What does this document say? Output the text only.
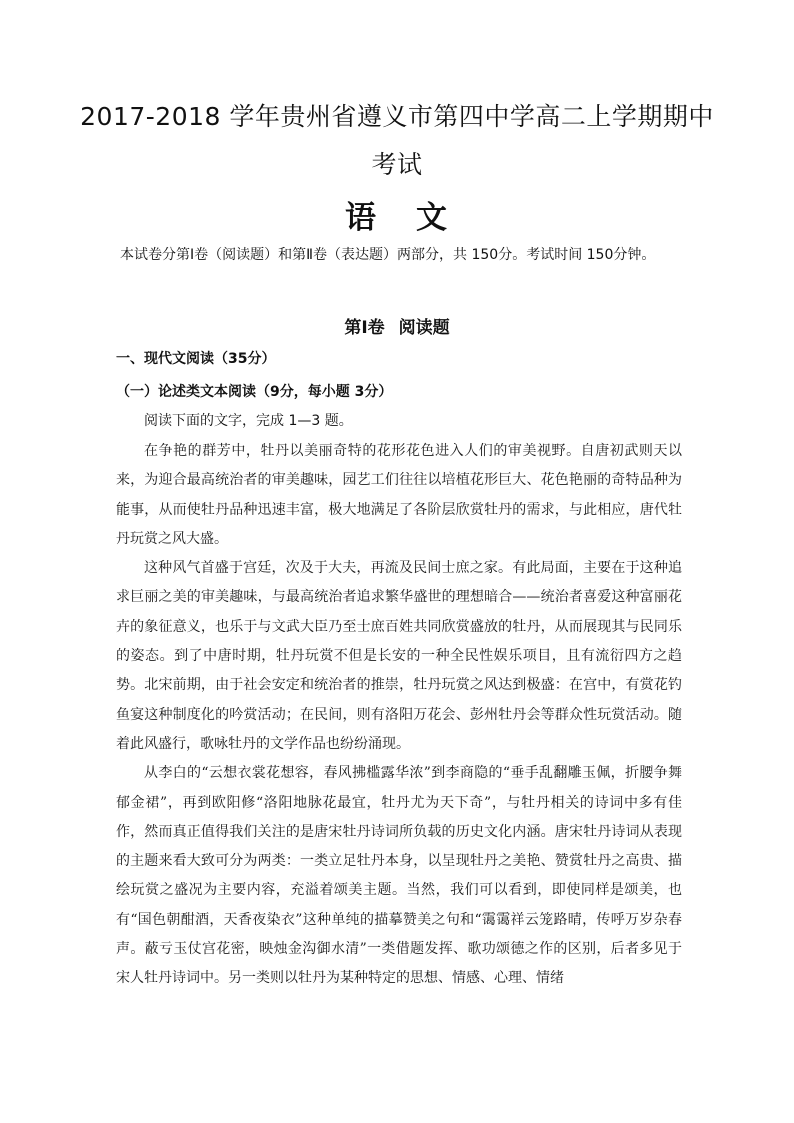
2017-2018 学年贵州省遵义市第四中学高二上学期期中
考试
语 文
本试卷分第Ⅰ卷（阅读题）和第Ⅱ卷（表达题）两部分，共 150分。考试时间 150分钟。
第Ⅰ卷 阅读题
一、现代文阅读（35分）
（一）论述类文本阅读（9分，每小题 3分）
阅读下面的文字，完成 1—3 题。

在争艳的群芳中，牡丹以美丽奇特的花形花色进入人们的审美视野。自唐初武则天以来，为迎合最高统治者的审美趣味，园艺工们往往以培植花形巨大、花色艳丽的奇特品种为能事，从而使牡丹品种迅速丰富，极大地满足了各阶层欣赏牡丹的需求，与此相应，唐代牡丹玩赏之风大盛。

这种风气首盛于宫廷，次及于大夫，再流及民间士庶之家。有此局面，主要在于这种追求巨丽之美的审美趣味，与最高统治者追求繁华盛世的理想暗合——统治者喜爱这种富丽花卉的象征意义，也乐于与文武大臣乃至士庶百姓共同欣赏盛放的牡丹，从而展现其与民同乐的姿态。到了中唐时期，牡丹玩赏不但是长安的一种全民性娱乐项目，且有流衍四方之趋势。北宋前期，由于社会安定和统治者的推崇，牡丹玩赏之风达到极盛：在宫中，有赏花钓鱼宴这种制度化的吟赏活动；在民间，则有洛阳万花会、彭州牡丹会等群众性玩赏活动。随着此风盛行，歌咏牡丹的文学作品也纷纷涌现。

从李白的“云想衣裳花想容，春风拂槛露华浓”到李商隐的“垂手乱翻雕玉佩，折腰争舞郁金裙”，再到欧阳修“洛阳地脉花最宜，牡丹尤为天下奇”，与牡丹相关的诗词中多有佳作，然而真正值得我们关注的是唐宋牡丹诗词所负载的历史文化内涵。唐宋牡丹诗词从表现的主题来看大致可分为两类：一类立足牡丹本身，以呈现牡丹之美艳、赞赏牡丹之高贵、描绘玩赏之盛况为主要内容，充溢着颂美主题。当然，我们可以看到，即使同样是颂美，也有“国色朝酣酒，天香夜染衣”这种单纯的描摹赞美之句和“霭霭祥云笼路晴，传呼万岁杂春声。蔽亏玉仗宫花密，映烛金沟御水清”一类借题发挥、歌功颂德之作的区别，后者多见于宋人牡丹诗词中。另一类则以牡丹为某种特定的思想、情感、心理、情绪
